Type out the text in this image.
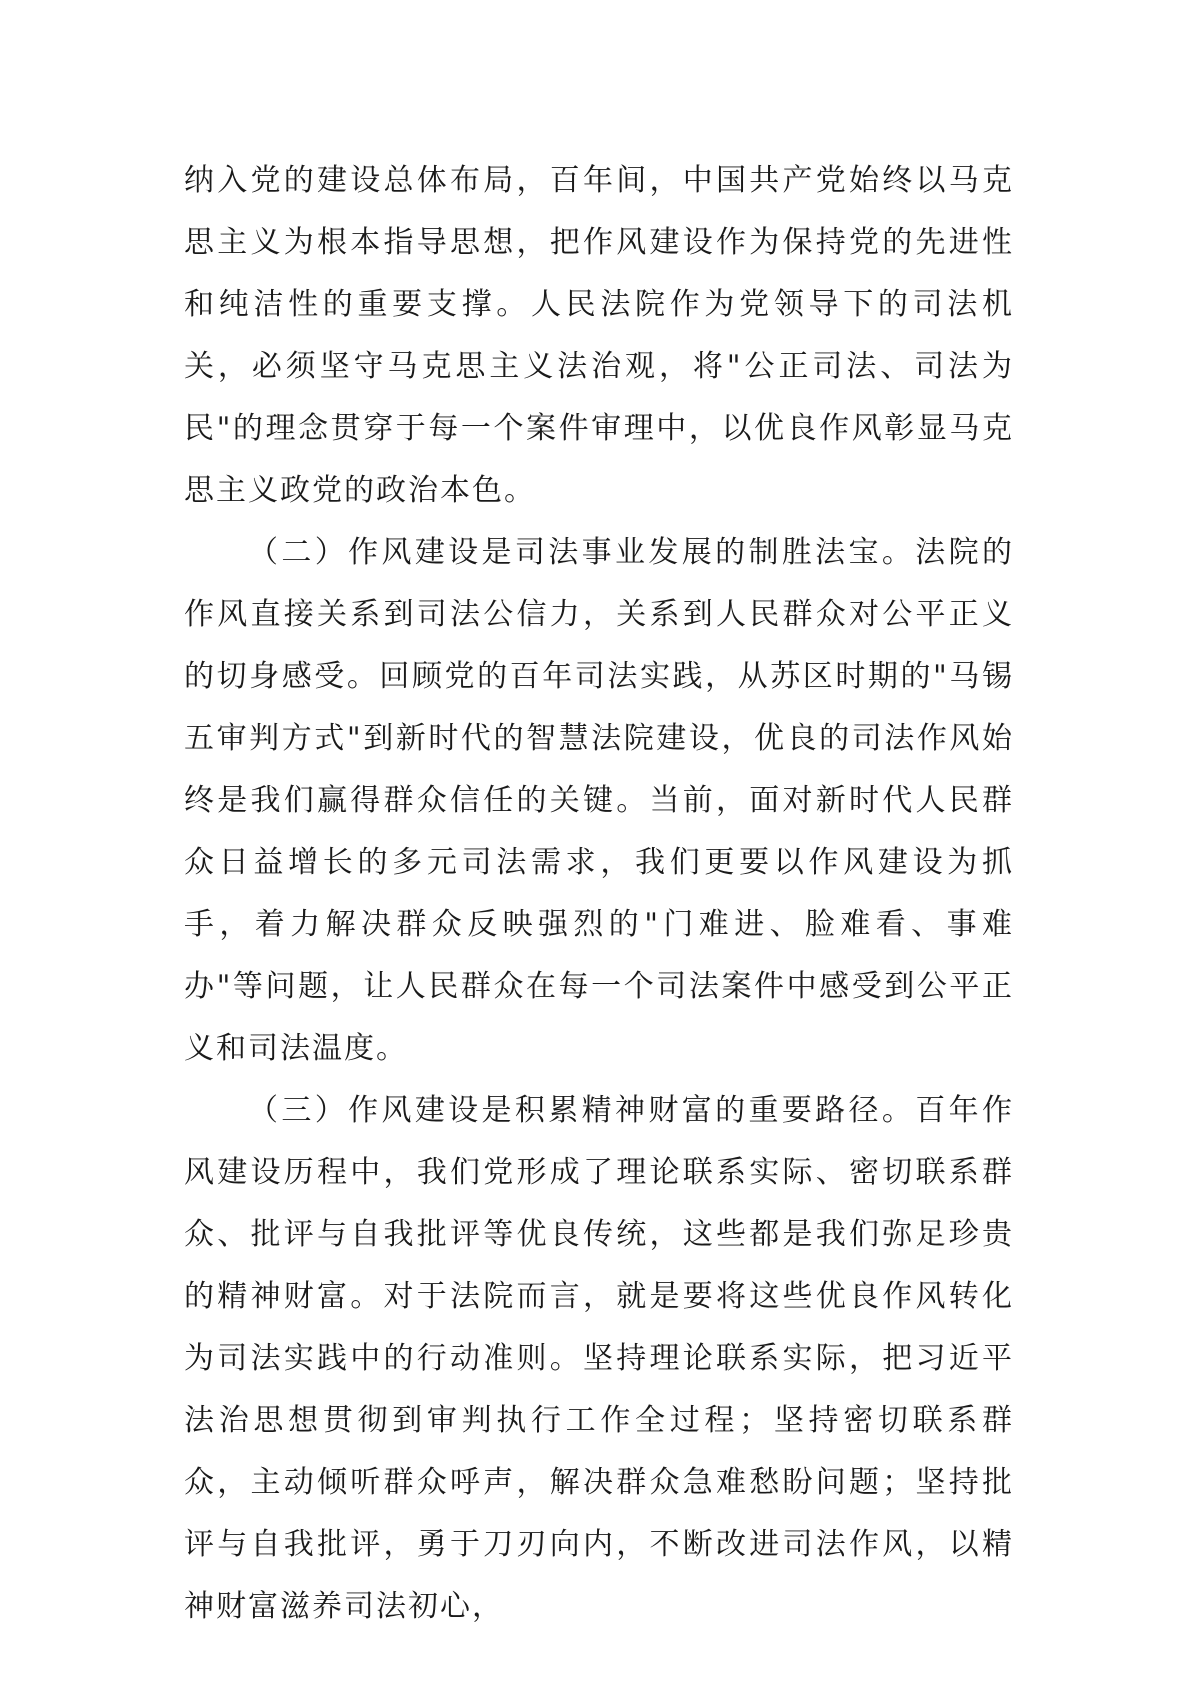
纳入党的建设总体布局，百年间，中国共产党始终以马克思主义为根本指导思想，把作风建设作为保持党的先进性和纯洁性的重要支撑。人民法院作为党领导下的司法机关，必须坚守马克思主义法治观，将"公正司法、司法为民"的理念贯穿于每一个案件审理中，以优良作风彰显马克思主义政党的政治本色。

（二）作风建设是司法事业发展的制胜法宝。法院的作风直接关系到司法公信力，关系到人民群众对公平正义的切身感受。回顾党的百年司法实践，从苏区时期的"马锡五审判方式"到新时代的智慧法院建设，优良的司法作风始终是我们赢得群众信任的关键。当前，面对新时代人民群众日益增长的多元司法需求，我们更要以作风建设为抓手，着力解决群众反映强烈的"门难进、脸难看、事难办"等问题，让人民群众在每一个司法案件中感受到公平正义和司法温度。

（三）作风建设是积累精神财富的重要路径。百年作风建设历程中，我们党形成了理论联系实际、密切联系群众、批评与自我批评等优良传统，这些都是我们弥足珍贵的精神财富。对于法院而言，就是要将这些优良作风转化为司法实践中的行动准则。坚持理论联系实际，把习近平法治思想贯彻到审判执行工作全过程；坚持密切联系群众，主动倾听群众呼声，解决群众急难愁盼问题；坚持批评与自我批评，勇于刀刃向内，不断改进司法作风，以精神财富滋养司法初心，
